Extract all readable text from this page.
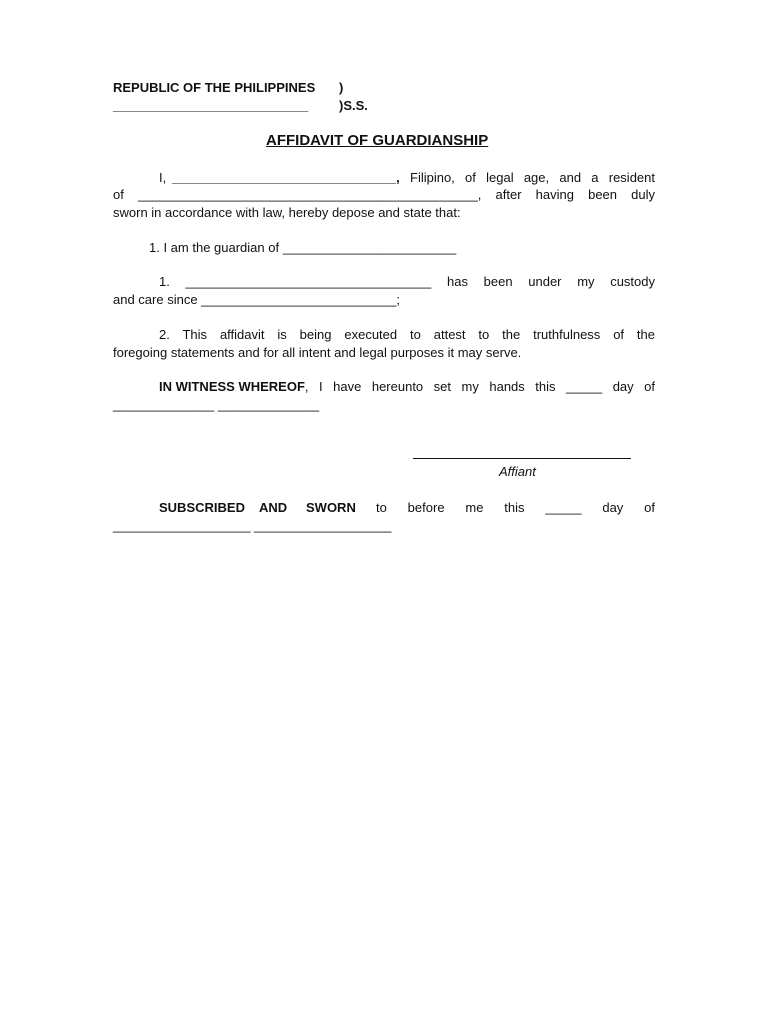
REPUBLIC OF THE PHILIPPINES )
___________________________ )S.S.
AFFIDAVIT OF GUARDIANSHIP
I, _______________________________, Filipino, of legal age, and a resident
of _______________________________________________, after having been duly
sworn in accordance with law, hereby depose and state that:
1. I am the guardian of ________________________
1. __________________________________ has been under my custody
and care since ___________________________;
2. This affidavit is being executed to attest to the truthfulness of the
foregoing statements and for all intent and legal purposes it may serve.
IN WITNESS WHEREOF , I have hereunto set my hands this _____ day of
______________ ______________
Affiant
SUBSCRIBED AND SWORN to before me this _____ day of
___________________ ___________________
